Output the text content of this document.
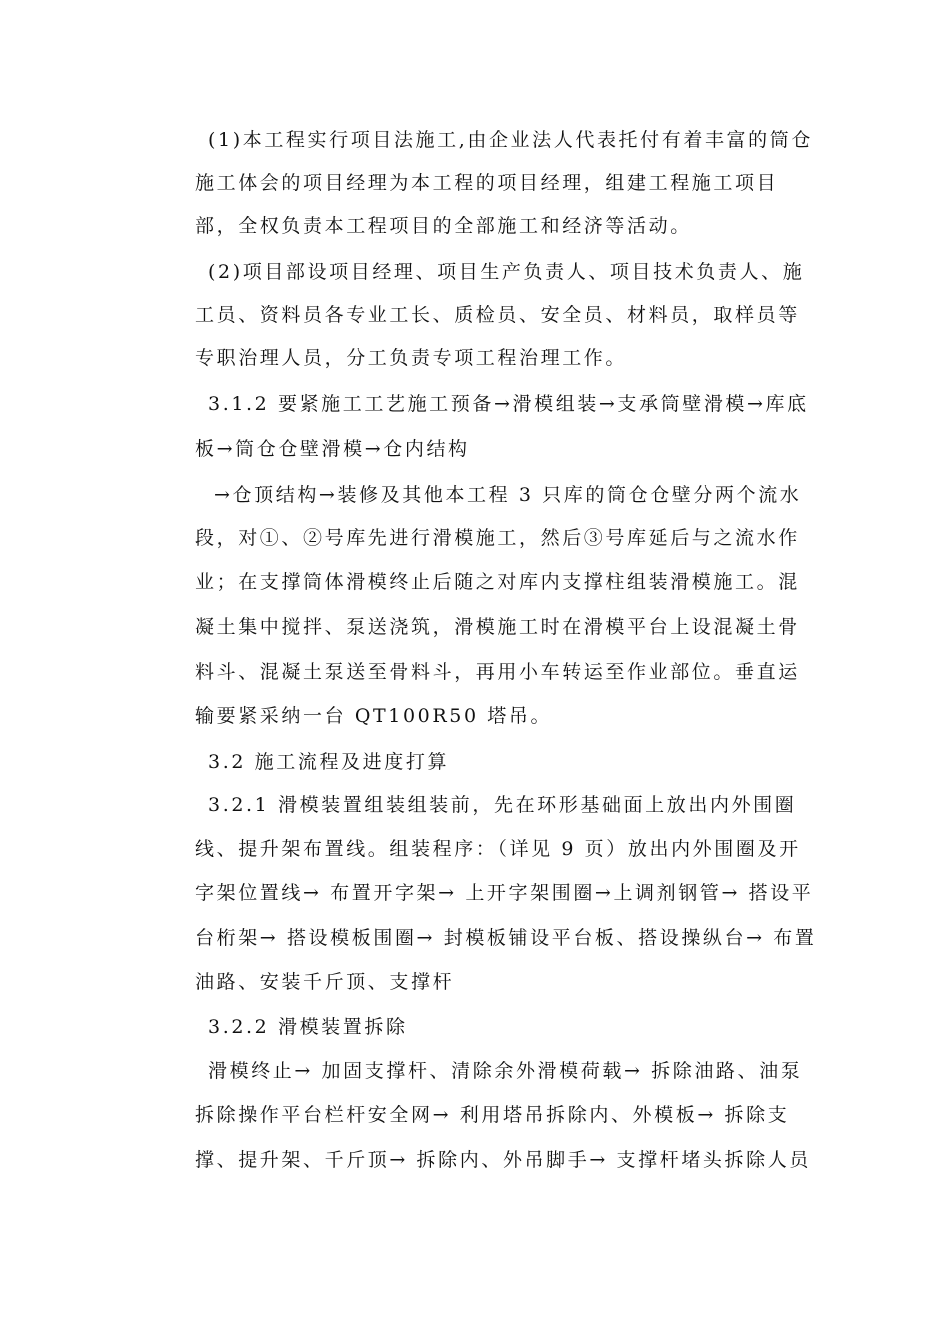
(1)本工程实行项目法施工,由企业法人代表托付有着丰富的筒仓
施工体会的项目经理为本工程的项目经理，组建工程施工项目
部，全权负责本工程项目的全部施工和经济等活动。
(2)项目部设项目经理、项目生产负责人、项目技术负责人、施
工员、资料员各专业工长、质检员、安全员、材料员，取样员等
专职治理人员，分工负责专项工程治理工作。
3.1.2 要紧施工工艺施工预备→滑模组装→支承筒壁滑模→库底
板→筒仓仓壁滑模→仓内结构
→仓顶结构→装修及其他本工程 3 只库的筒仓仓壁分两个流水
段，对①、②号库先进行滑模施工，然后③号库延后与之流水作
业；在支撑筒体滑模终止后随之对库内支撑柱组装滑模施工。混
凝土集中搅拌、泵送浇筑，滑模施工时在滑模平台上设混凝土骨
料斗、混凝土泵送至骨料斗，再用小车转运至作业部位。垂直运
输要紧采纳一台 QT100R50 塔吊。
3.2 施工流程及进度打算
3.2.1 滑模装置组装组装前，先在环形基础面上放出内外围圈
线、提升架布置线。组装程序：（详见 9 页）放出内外围圈及开
字架位置线→ 布置开字架→ 上开字架围圈→上调剂钢管→ 搭设平
台桁架→ 搭设模板围圈→ 封模板铺设平台板、搭设操纵台→ 布置
油路、安装千斤顶、支撑杆
3.2.2 滑模装置拆除
滑模终止→ 加固支撑杆、清除余外滑模荷载→ 拆除油路、油泵
拆除操作平台栏杆安全网→ 利用塔吊拆除内、外模板→ 拆除支
撑、提升架、千斤顶→ 拆除内、外吊脚手→ 支撑杆堵头拆除人员
